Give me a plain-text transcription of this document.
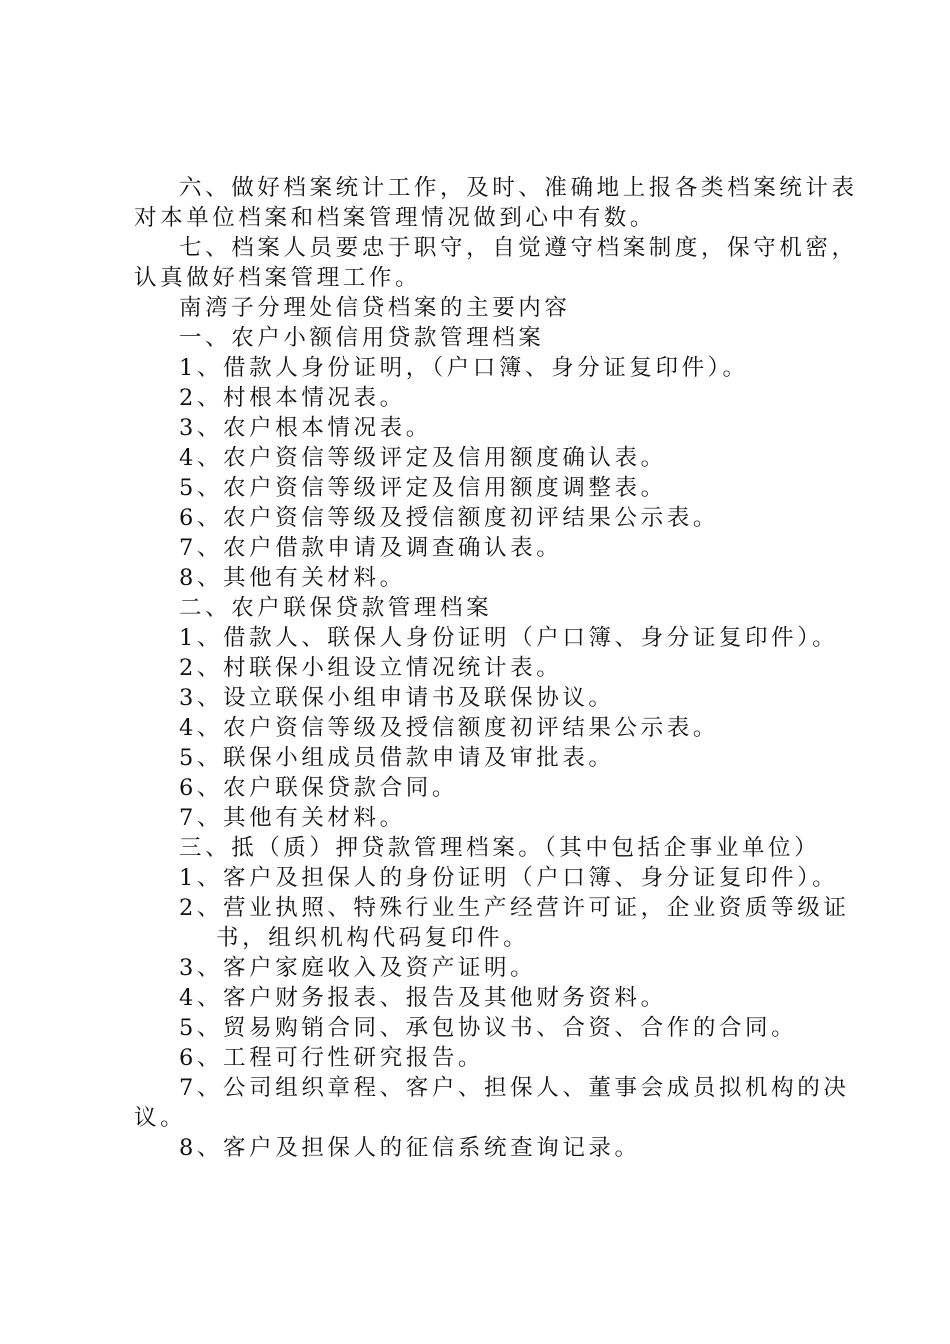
六、做好档案统计工作，及时、准确地上报各类档案统计表

对本单位档案和档案管理情况做到心中有数。

七、档案人员要忠于职守，自觉遵守档案制度，保守机密，

认真做好档案管理工作。

南湾子分理处信贷档案的主要内容

一、农户小额信用贷款管理档案

1、借款人身份证明，（户口簿、身分证复印件）。

2、村根本情况表。

3、农户根本情况表。

4、农户资信等级评定及信用额度确认表。

5、农户资信等级评定及信用额度调整表。

6、农户资信等级及授信额度初评结果公示表。

7、农户借款申请及调查确认表。

8、其他有关材料。

二、农户联保贷款管理档案

1、借款人、联保人身份证明（户口簿、身分证复印件）。

2、村联保小组设立情况统计表。

3、设立联保小组申请书及联保协议。

4、农户资信等级及授信额度初评结果公示表。

5、联保小组成员借款申请及审批表。

6、农户联保贷款合同。

7、其他有关材料。

三、抵（质）押贷款管理档案。（其中包括企事业单位）

1、客户及担保人的身份证明（户口簿、身分证复印件）。

2、营业执照、特殊行业生产经营许可证，企业资质等级证

书，组织机构代码复印件。

3、客户家庭收入及资产证明。

4、客户财务报表、报告及其他财务资料。

5、贸易购销合同、承包协议书、合资、合作的合同。

6、工程可行性研究报告。

7、公司组织章程、客户、担保人、董事会成员拟机构的决

议。

8、客户及担保人的征信系统查询记录。
